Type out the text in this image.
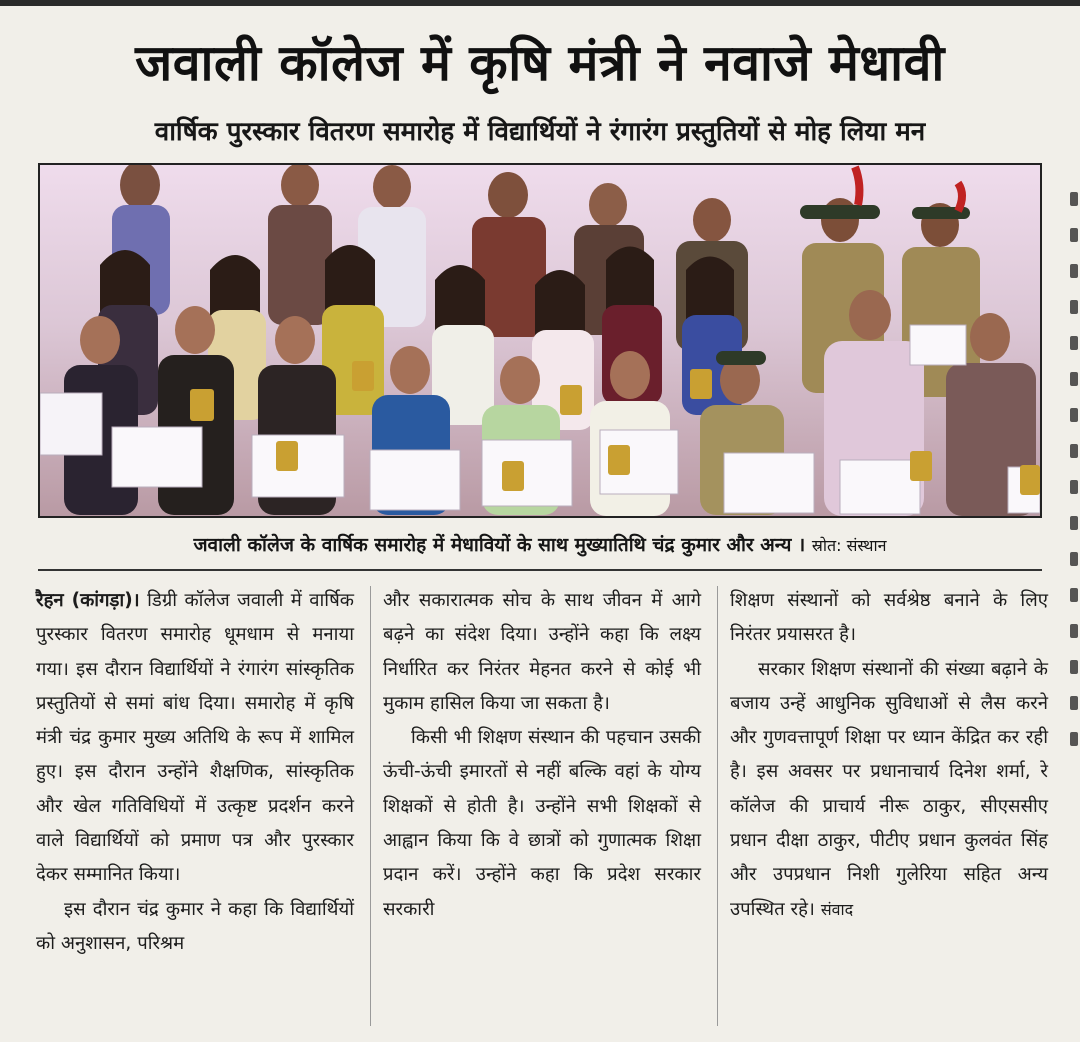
जवाली कॉलेज में कृषि मंत्री ने नवाजे मेधावी
वार्षिक पुरस्कार वितरण समारोह में विद्यार्थियों ने रंगारंग प्रस्तुतियों से मोह लिया मन
जवाली कॉलेज के वार्षिक समारोह में मेधावियों के साथ मुख्यातिथि चंद्र कुमार और अन्य । स्रोत: संस्थान

रैहन (कांगड़ा)। डिग्री कॉलेज जवाली में वार्षिक पुरस्कार वितरण समारोह धूमधाम से मनाया गया। इस दौरान विद्यार्थियों ने रंगारंग सांस्कृतिक प्रस्तुतियों से समां बांध दिया। समारोह में कृषि मंत्री चंद्र कुमार मुख्य अतिथि के रूप में शामिल हुए। इस दौरान उन्होंने शैक्षणिक, सांस्कृतिक और खेल गतिविधियों में उत्कृष्ट प्रदर्शन करने वाले विद्यार्थियों को प्रमाण पत्र और पुरस्कार देकर सम्मानित किया।

इस दौरान चंद्र कुमार ने कहा कि विद्यार्थियों को अनुशासन, परिश्रम

और सकारात्मक सोच के साथ जीवन में आगे बढ़ने का संदेश दिया। उन्होंने कहा कि लक्ष्य निर्धारित कर निरंतर मेहनत करने से कोई भी मुकाम हासिल किया जा सकता है।

किसी भी शिक्षण संस्थान की पहचान उसकी ऊंची-ऊंची इमारतों से नहीं बल्कि वहां के योग्य शिक्षकों से होती है। उन्होंने सभी शिक्षकों से आह्वान किया कि वे छात्रों को गुणात्मक शिक्षा प्रदान करें। उन्होंने कहा कि प्रदेश सरकार सरकारी

शिक्षण संस्थानों को सर्वश्रेष्ठ बनाने के लिए निरंतर प्रयासरत है।

सरकार शिक्षण संस्थानों की संख्या बढ़ाने के बजाय उन्हें आधुनिक सुविधाओं से लैस करने और गुणवत्तापूर्ण शिक्षा पर ध्यान केंद्रित कर रही है। इस अवसर पर प्रधानाचार्य दिनेश शर्मा, रे कॉलेज की प्राचार्य नीरू ठाकुर, सीएससीए प्रधान दीक्षा ठाकुर, पीटीए प्रधान कुलवंत सिंह और उपप्रधान निशी गुलेरिया सहित अन्य उपस्थित रहे। संवाद
